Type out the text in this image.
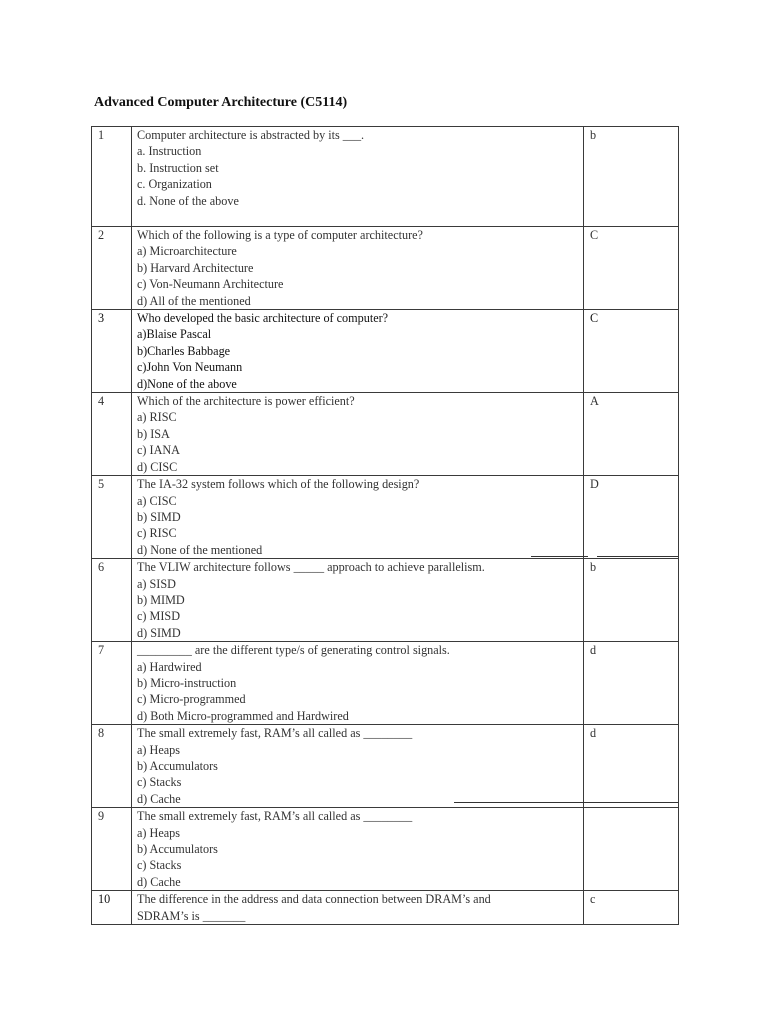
Advanced Computer Architecture (C5114)
1	Computer architecture is abstracted by its ___.
a. Instruction
b. Instruction set
c. Organization
d. None of the above	b
2	Which of the following is a type of computer architecture?
a) Microarchitecture
b) Harvard Architecture
c) Von-Neumann Architecture
d) All of the mentioned	C
3	Who developed the basic architecture of computer?
a)Blaise Pascal
b)Charles Babbage
c)John Von Neumann
d)None of the above	C
4	Which of the architecture is power efficient?
a) RISC
b) ISA
c) IANA
d) CISC	A
5	The IA-32 system follows which of the following design?
a) CISC
b) SIMD
c) RISC
d) None of the mentioned	D
6	The VLIW architecture follows _____ approach to achieve parallelism.
a) SISD
b) MIMD
c) MISD
d) SIMD	b
7	_________ are the different type/s of generating control signals.
a) Hardwired
b) Micro-instruction
c) Micro-programmed
d) Both Micro-programmed and Hardwired	d
8	The small extremely fast, RAM’s all called as ________
a) Heaps
b) Accumulators
c) Stacks
d) Cache	d
9	The small extremely fast, RAM’s all called as ________
a) Heaps
b) Accumulators
c) Stacks
d) Cache	

10	The difference in the address and data connection between DRAM’s and
SDRAM’s is _______	c
